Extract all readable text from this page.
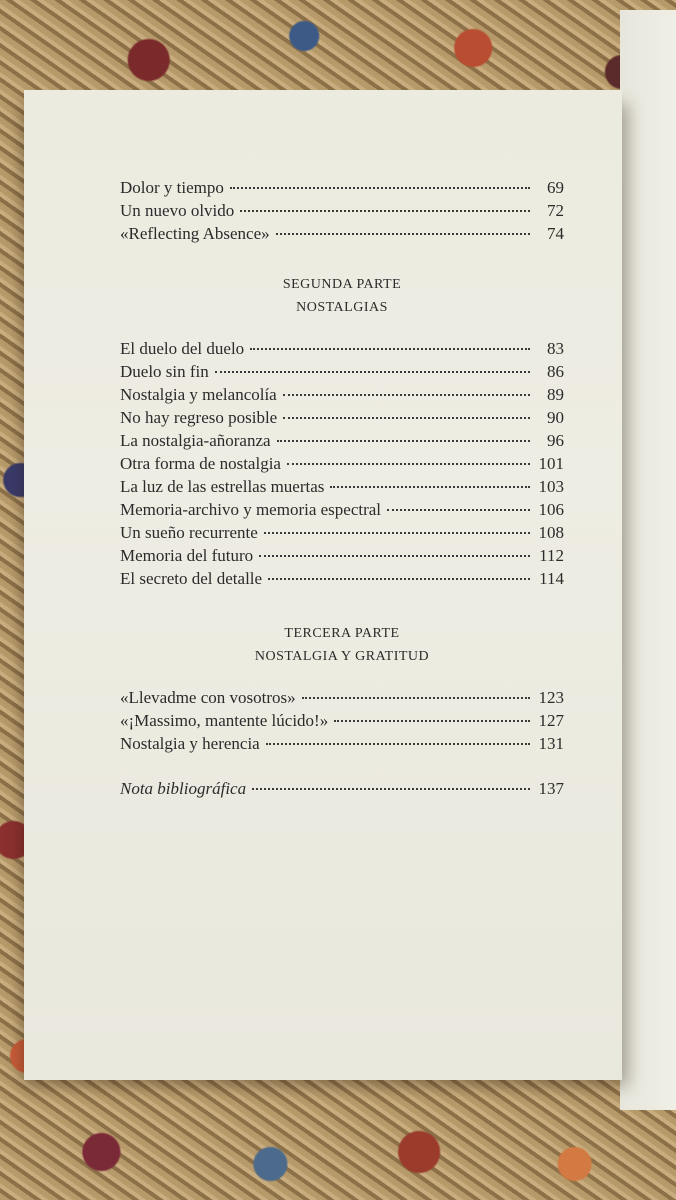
Dolor y tiempo	69
Un nuevo olvido	72
«Reflecting Absence»	74
SEGUNDA PARTE
NOSTALGIAS
El duelo del duelo	83
Duelo sin fin	86
Nostalgia y melancolía	89
No hay regreso posible	90
La nostalgia-añoranza	96
Otra forma de nostalgia	101
La luz de las estrellas muertas	103
Memoria-archivo y memoria espectral	106
Un sueño recurrente	108
Memoria del futuro	112
El secreto del detalle	114
TERCERA PARTE
NOSTALGIA Y GRATITUD
«Llevadme con vosotros»	123
«¡Massimo, mantente lúcido!»	127
Nostalgia y herencia	131
Nota bibliográfica	137
